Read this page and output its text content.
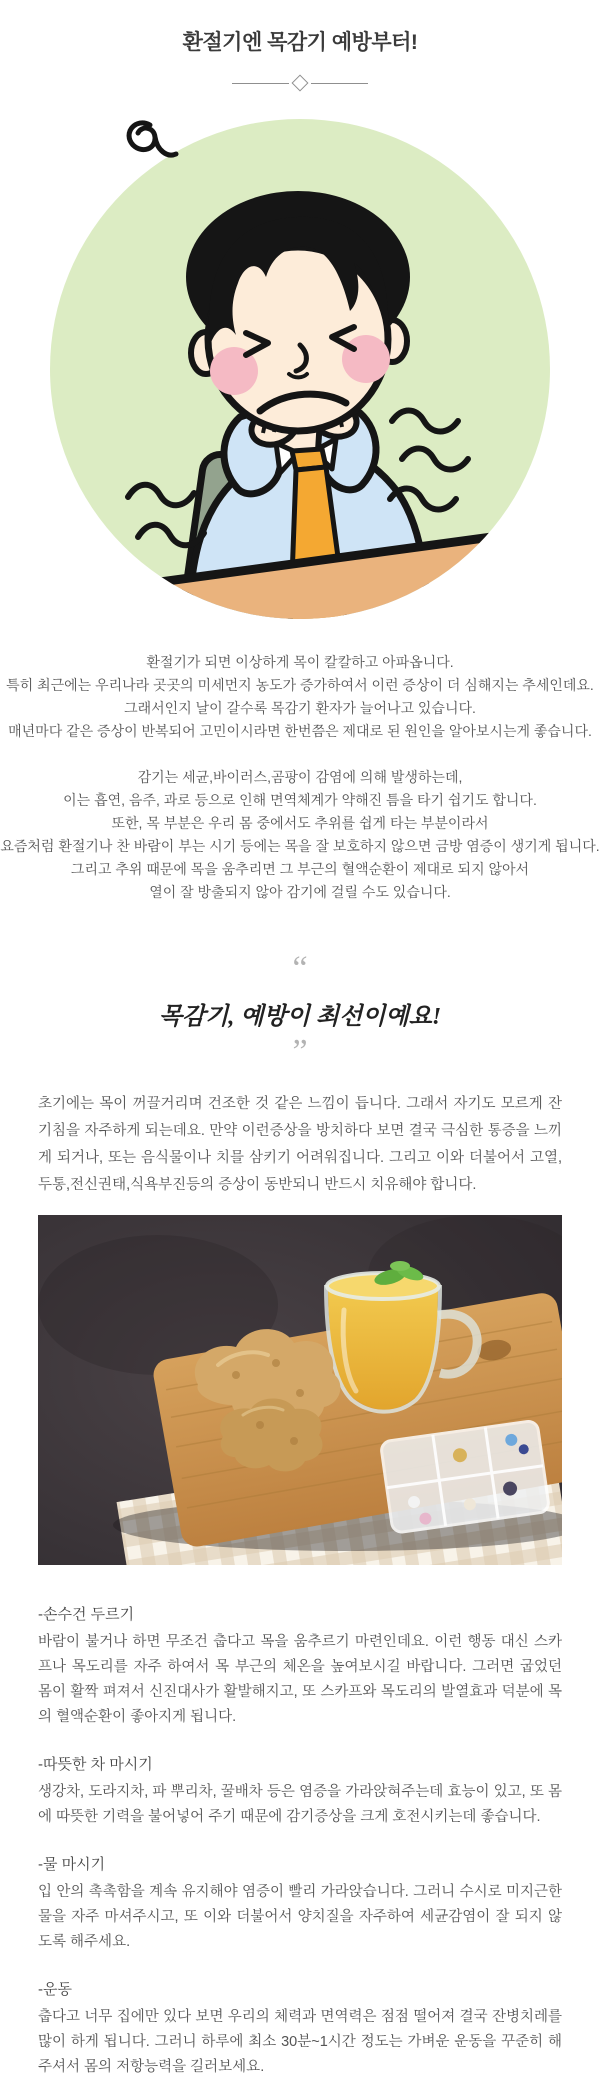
환절기엔 목감기 예방부터!
환절기가 되면 이상하게 목이 칼칼하고 아파옵니다.
특히 최근에는 우리나라 곳곳의 미세먼지 농도가 증가하여서 이런 증상이 더 심해지는 추세인데요.
그래서인지 날이 갈수록 목감기 환자가 늘어나고 있습니다.
매년마다 같은 증상이 반복되어 고민이시라면 한번쯤은 제대로 된 원인을 알아보시는게 좋습니다.
감기는 세균,바이러스,곰팡이 감염에 의해 발생하는데,
이는 흡연, 음주, 과로 등으로 인해 면역체계가 약해진 틈을 타기 쉽기도 합니다.
또한, 목 부분은 우리 몸 중에서도 추위를 쉽게 타는 부분이라서
요즘처럼 환절기나 찬 바람이 부는 시기 등에는 목을 잘 보호하지 않으면 금방 염증이 생기게 됩니다.
그리고 추위 때문에 목을 움추리면 그 부근의 혈액순환이 제대로 되지 않아서
열이 잘 방출되지 않아 감기에 걸릴 수도 있습니다.
“
목감기, 예방이 최선이예요!
”

초기에는 목이 꺼끌거리며 건조한 것 같은 느낌이 듭니다. 그래서 자기도 모르게 잔기침을 자주하게 되는데요. 만약 이런증상을 방치하다 보면 결국 극심한 통증을 느끼게 되거나, 또는 음식물이나 치믈 삼키기 어려워집니다. 그리고 이와 더불어서 고열,두통,전신권태,식욕부진등의 증상이 동반되니 반드시 치유해야 합니다.

-손수건 두르기
바람이 불거나 하면 무조건 춥다고 목을 움추르기 마련인데요. 이런 행동 대신 스카프나 목도리를 자주 하여서 목 부근의 체온을 높여보시길 바랍니다. 그러면 굽었던 몸이 활짝 펴져서 신진대사가 활발해지고, 또 스카프와 목도리의 발열효과 덕분에 목의 혈액순환이 좋아지게 됩니다.
-따뜻한 차 마시기
생강차, 도라지차, 파 뿌리차, 꿀배차 등은 염증을 가라앉혀주는데 효능이 있고, 또 몸에 따뜻한 기력을 불어넣어 주기 때문에 감기증상을 크게 호전시키는데 좋습니다.
-물 마시기
입 안의 촉촉함을 계속 유지해야 염증이 빨리 가라앉습니다. 그러니 수시로 미지근한 물을 자주 마셔주시고, 또 이와 더불어서 양치질을 자주하여 세균감염이 잘 되지 않도록 해주세요.
-운동
춥다고 너무 집에만 있다 보면 우리의 체력과 면역력은 점점 떨어져 결국 잔병치레를 많이 하게 됩니다. 그러니 하루에 최소 30분~1시간 정도는 가벼운 운동을 꾸준히 해주셔서 몸의 저항능력을 길러보세요.
